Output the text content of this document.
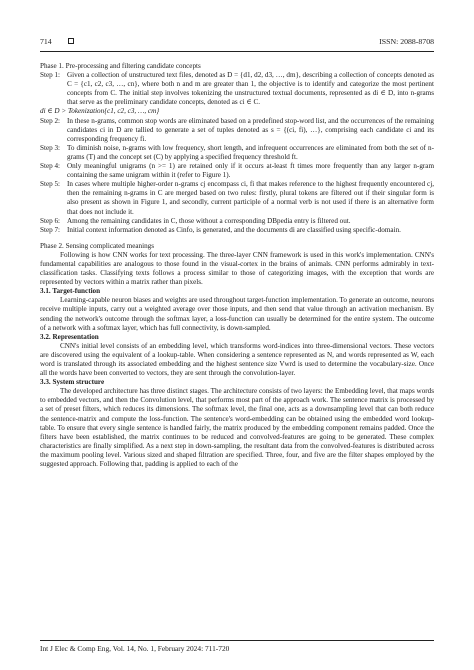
714	ISSN: 2088-8708

Phase 1. Pre-processing and filtering candidate concepts

Step 1: Given a collection of unstructured text files, denoted as D = {d1, d2, d3, …, dm}, describing a collection of concepts denoted as C = {c1, c2, c3, …, cn}, where both n and m are greater than 1, the objective is to identify and categorize the most pertinent concepts from C. The initial step involves tokenizing the unstructured textual documents, represented as di ∈ D, into n-grams that serve as the preliminary candidate concepts, denoted as ci ∈ C.

di ∈ D > Tokenization{c1, c2, c3, …, cm}

Step 2: In these n-grams, common stop words are eliminated based on a predefined stop-word list, and the occurrences of the remaining candidates ci in D are tallied to generate a set of tuples denoted as s = {(ci, fi), …}, comprising each candidate ci and its corresponding frequency fi.
Step 3: To diminish noise, n-grams with low frequency, short length, and infrequent occurrences are eliminated from both the set of n-grams (T) and the concept set (C) by applying a specified frequency threshold ft.
Step 4: Only meaningful unigrams (n >= 1) are retained only if it occurs at-least ft times more frequently than any larger n-gram containing the same unigram within it (refer to Figure 1).
Step 5: In cases where multiple higher-order n-grams cj encompass ci, fi that makes reference to the highest frequently encountered cj, then the remaining n-grams in C are merged based on two rules: firstly, plural tokens are filtered out if their singular form is also present as shown in Figure 1, and secondly, current participle of a normal verb is not used if there is an alternative form that does not include it.
Step 6: Among the remaining candidates in C, those without a corresponding DBpedia entry is filtered out.
Step 7: Initial context information denoted as Cinfo, is generated, and the documents di are classified using specific-domain.

Phase 2. Sensing complicated meanings

Following is how CNN works for text processing. The three-layer CNN framework is used in this work's implementation. CNN's fundamental capabilities are analogous to those found in the visual-cortex in the brains of animals. CNN performs admirably in text-classification tasks. Classifying texts follows a process similar to those of categorizing images, with the exception that words are represented by vectors within a matrix rather than pixels.

3.1. Target-function

Learning-capable neuron biases and weights are used throughout target-function implementation. To generate an outcome, neurons receive multiple inputs, carry out a weighted average over those inputs, and then send that value through an activation mechanism. By sending the network's outcome through the softmax layer, a loss-function can usually be determined for the entire system. The outcome of a network with a softmax layer, which has full connectivity, is down-sampled.

3.2. Representation

CNN's initial level consists of an embedding level, which transforms word-indices into three-dimensional vectors. These vectors are discovered using the equivalent of a lookup-table. When considering a sentence represented as N, and words represented as W, each word is translated through its associated embedding and the highest sentence size Vwrd is used to determine the vocabulary-size. Once all the words have been converted to vectors, they are sent through the convolution-layer.

3.3. System structure

The developed architecture has three distinct stages. The architecture consists of two layers: the Embedding level, that maps words to embedded vectors, and then the Convolution level, that performs most part of the approach work. The sentence matrix is processed by a set of preset filters, which reduces its dimensions. The softmax level, the final one, acts as a downsampling level that can both reduce the sentence-matrix and compute the loss-function. The sentence's word-embedding can be obtained using the embedded word lookup-table. To ensure that every single sentence is handled fairly, the matrix produced by the embedding component remains padded. Once the filters have been established, the matrix continues to be reduced and convolved-features are going to be generated. These complex characteristics are finally simplified. As a next step in down-sampling, the resultant data from the convolved-features is distributed across the maximum pooling level. Various sized and shaped filtration are specified. Three, four, and five are the filter shapes employed by the suggested approach. Following that, padding is applied to each of the

Int J Elec & Comp Eng, Vol. 14, No. 1, February 2024: 711-720
